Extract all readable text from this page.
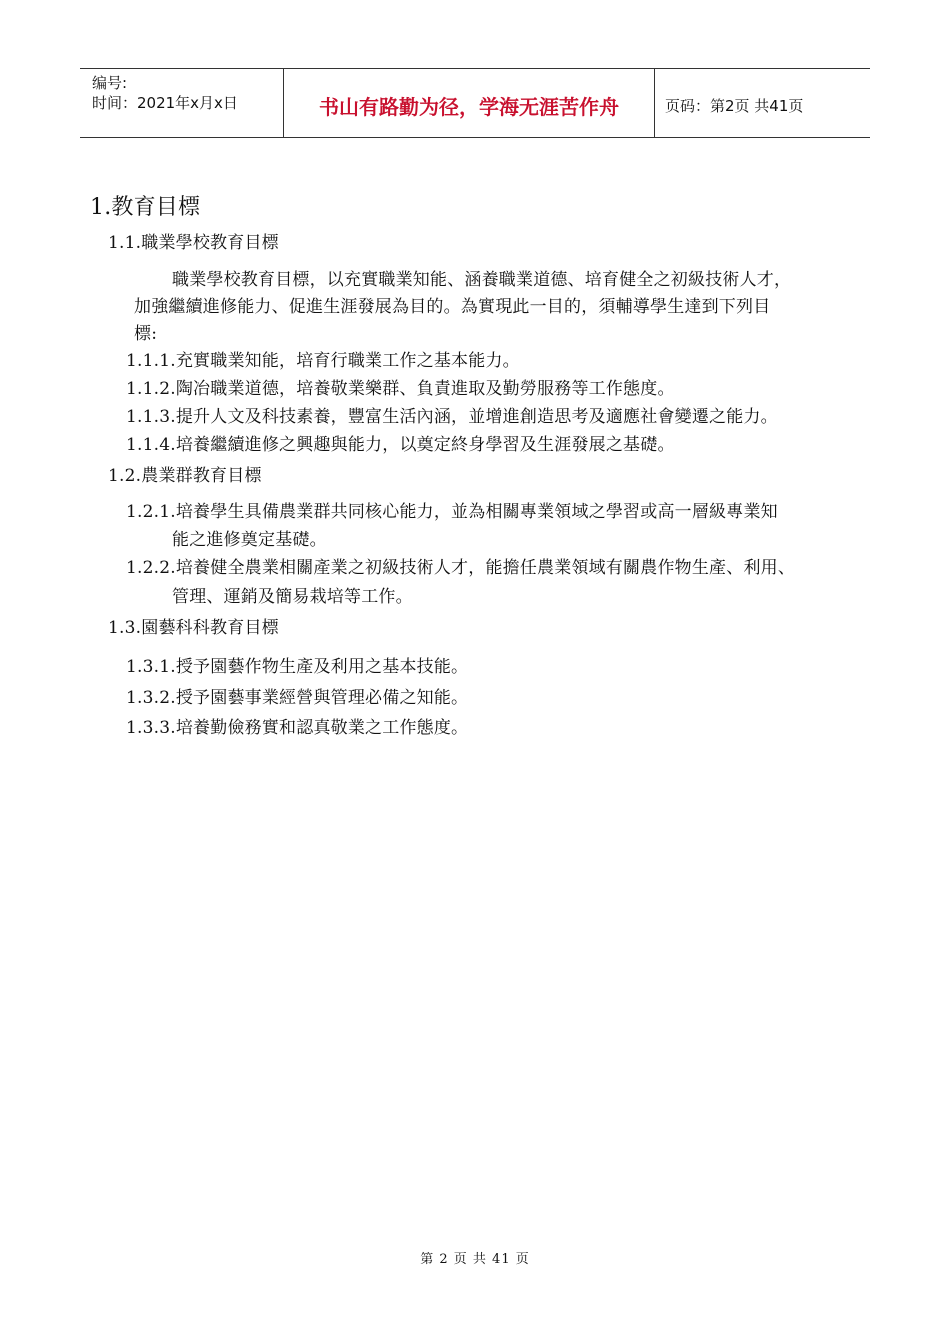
编号:
时间：2021年x月x日	书山有路勤为径，学海无涯苦作舟	页码：第2页 共41页
1.教育目標
1.1.職業學校教育目標
職業學校教育目標，以充實職業知能、涵養職業道德、培育健全之初級技術人才，
加強繼續進修能力、促進生涯發展為目的。為實現此一目的，須輔導學生達到下列目
標:
1.1.1.充實職業知能，培育行職業工作之基本能力。
1.1.2.陶冶職業道德，培養敬業樂群、負責進取及勤勞服務等工作態度。
1.1.3.提升人文及科技素養，豐富生活內涵，並增進創造思考及適應社會變遷之能力。
1.1.4.培養繼續進修之興趣與能力，以奠定終身學習及生涯發展之基礎。
1.2.農業群教育目標
1.2.1.培養學生具備農業群共同核心能力，並為相關專業領域之學習或高一層級專業知
能之進修奠定基礎。
1.2.2.培養健全農業相關產業之初級技術人才，能擔任農業領域有關農作物生產、利用、
管理、運銷及簡易栽培等工作。
1.3.園藝科科教育目標
1.3.1.授予園藝作物生產及利用之基本技能。
1.3.2.授予園藝事業經營與管理必備之知能。
1.3.3.培養勤儉務實和認真敬業之工作態度。
第 2 页 共 41 页
